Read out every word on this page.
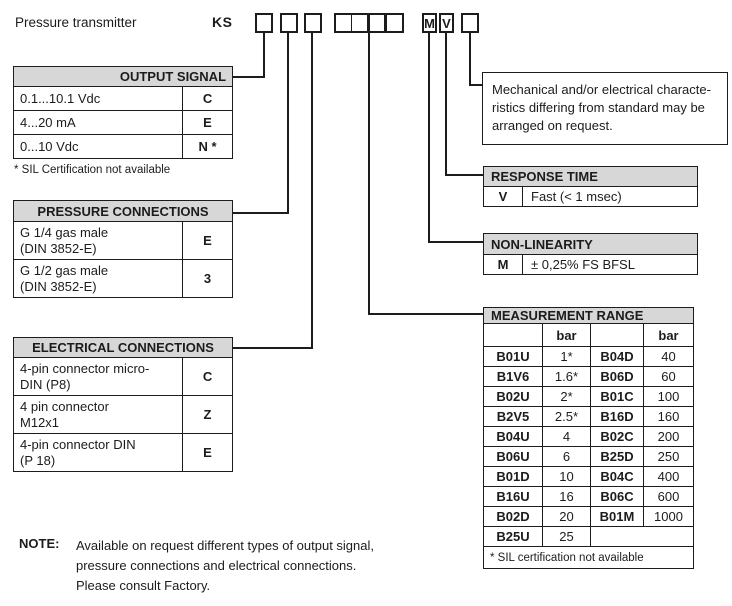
Pressure transmitter	KS	M V
OUTPUT SIGNAL	
0.1...10.1 Vdc	C
4...20 mA	E
0...10 Vdc	N *
* SIL Certification not available
PRESSURE CONNECTIONS	

G 1/4 gas male
(DIN 3852-E)	E

G 1/2 gas male
(DIN 3852-E)	3
ELECTRICAL CONNECTIONS	

4-pin connector micro-
DIN (P8)	C

4 pin connector
M12x1	Z

4-pin connector DIN
(P 18)	E
Mechanical and/or electrical characte-
ristics differing from standard may be
arranged on request.
RESPONSE TIME
V	Fast (< 1 msec)
NON-LINEARITY
M	± 0,25% FS BFSL
MEASUREMENT RANGE			
	bar		bar
B01U	1*	B04D	40
B1V6	1.6*	B06D	60
B02U	2*	B01C	100
B2V5	2.5*	B16D	160
B04U	4	B02C	200
B06U	6	B25D	250
B01D	10	B04C	400
B16U	16	B06C	600
B02D	20	B01M	1000
B25U	25		
* SIL certification not available			
NOTE: Available on request different types of output signal,
pressure connections and electrical connections.
Please consult Factory.
